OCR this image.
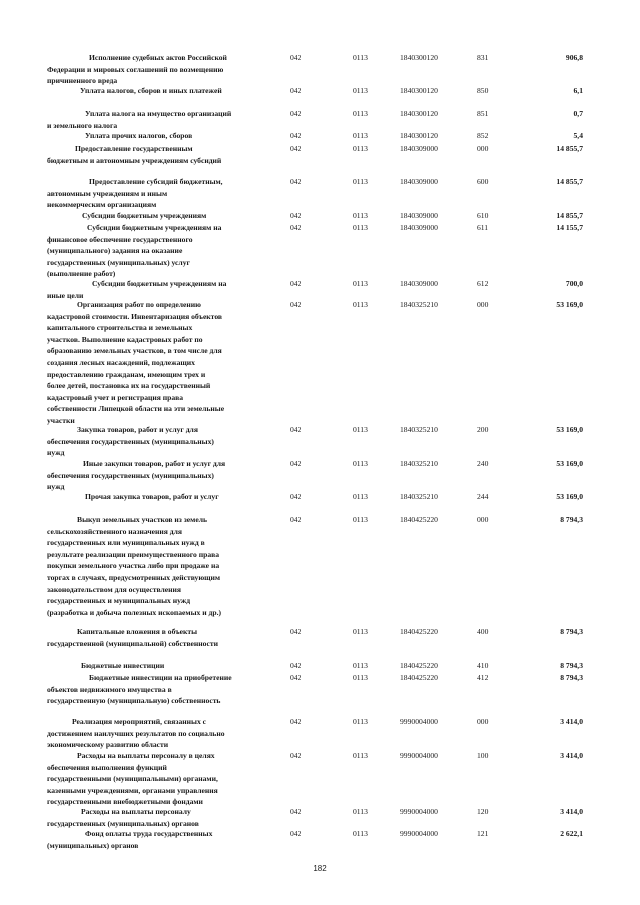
Исполнение судебных актов Российской
Федерации и мировых соглашений по возмещению
причиненного вреда
042	0113	1840300120	831	906,8
Уплата налогов, сборов и иных платежей	042	0113	1840300120	850	6,1
Уплата налога на имущество организаций
и земельного налога
042	0113	1840300120	851	0,7
Уплата прочих налогов, сборов	042	0113	1840300120	852	5,4
Предоставление государственным
бюджетным и автономным учреждениям субсидий
042	0113	1840309000	000	14 855,7
Предоставление субсидий бюджетным,
автономным учреждениям и иным
некоммерческим организациям
042	0113	1840309000	600	14 855,7
Субсидии бюджетным учреждениям	042	0113	1840309000	610	14 855,7
Субсидии бюджетным учреждениям на
финансовое обеспечение государственного
(муниципального) задания на оказание
государственных (муниципальных) услуг
(выполнение работ)
042	0113	1840309000	611	14 155,7
Субсидии бюджетным учреждениям на
иные цели
042	0113	1840309000	612	700,0
Организация работ по определению
кадастровой стоимости. Инвентаризация объектов
капитального строительства и земельных
участков. Выполнение кадастровых работ по
образованию земельных участков, в том числе для
создания лесных насаждений, подлежащих
предоставлению гражданам, имеющим трех и
более детей, постановка их на государственный
кадастровый учет и регистрация права
собственности Липецкой области на эти земельные
участки
042	0113	1840325210	000	53 169,0
Закупка товаров, работ и услуг для
обеспечения государственных (муниципальных)
нужд
042	0113	1840325210	200	53 169,0
Иные закупки товаров, работ и услуг для
обеспечения государственных (муниципальных)
нужд
042	0113	1840325210	240	53 169,0
Прочая закупка товаров, работ и услуг	042	0113	1840325210	244	53 169,0
Выкуп земельных участков из земель
сельскохозяйственного назначения для
государственных или муниципальных нужд в
результате реализации преимущественного права
покупки земельного участка либо при продаже на
торгах в случаях, предусмотренных действующим
законодательством для осуществления
государственных и муниципальных нужд
(разработка и добыча полезных ископаемых и др.)
042	0113	1840425220	000	8 794,3
Капитальные вложения в объекты
государственной (муниципальной) собственности
042	0113	1840425220	400	8 794,3
Бюджетные инвестиции	042	0113	1840425220	410	8 794,3
Бюджетные инвестиции на приобретение
объектов недвижимого имущества в
государственную (муниципальную) собственность
042	0113	1840425220	412	8 794,3
Реализация мероприятий, связанных с
достижением наилучших результатов по социально
экономическому развитию области
042	0113	9990004000	000	3 414,0
Расходы на выплаты персоналу в целях
обеспечения выполнения функций
государственными (муниципальными) органами,
казенными учреждениями, органами управления
государственными внебюджетными фондами
042	0113	9990004000	100	3 414,0
Расходы на выплаты персоналу
государственных (муниципальных) органов
042	0113	9990004000	120	3 414,0
Фонд оплаты труда государственных
(муниципальных) органов
042	0113	9990004000	121	2 622,1
182
